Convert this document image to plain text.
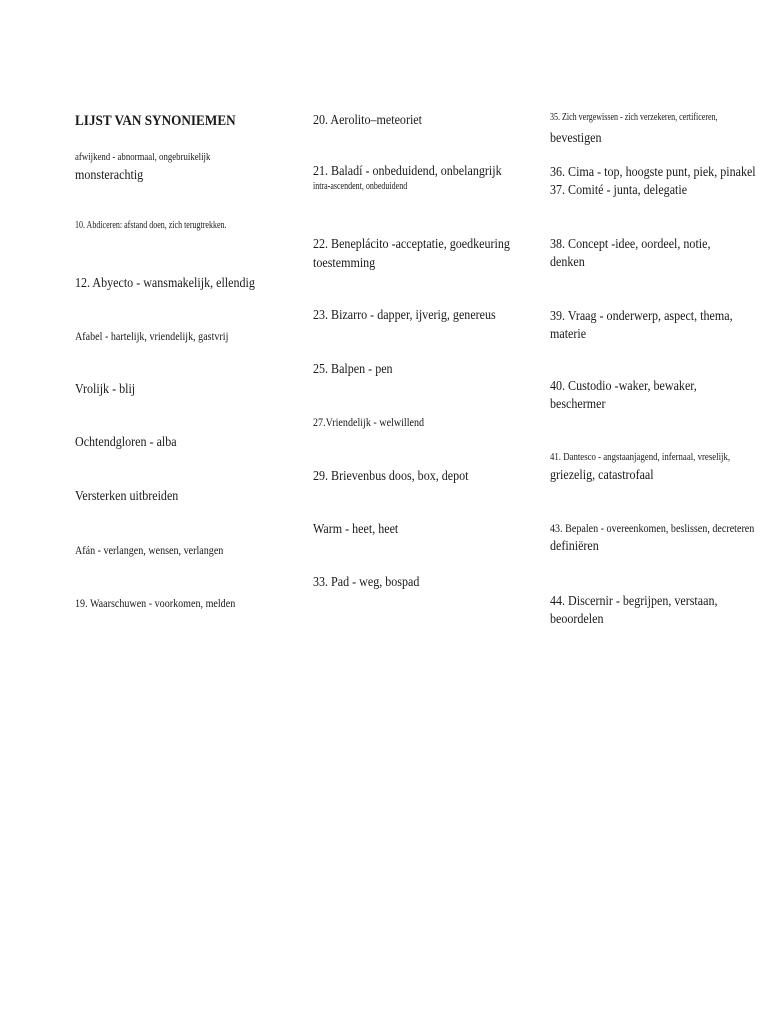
LIJST VAN SYNONIEMEN
afwijkend - abnormaal, ongebruikelijk
monsterachtig
10. Abdiceren: afstand doen, zich terugtrekken.
12. Abyecto - wansmakelijk, ellendig
Afabel - hartelijk, vriendelijk, gastvrij
Vrolijk - blij
Ochtendgloren - alba
Versterken uitbreiden
Afán - verlangen, wensen, verlangen
19. Waarschuwen - voorkomen, melden
20. Aerolito–meteoriet
21. Baladí - onbeduidend, onbelangrijk
intra-ascendent, onbeduidend
22. Beneplácito -acceptatie, goedkeuring
toestemming
23. Bizarro - dapper, ijverig, genereus
25. Balpen - pen
27.Vriendelijk - welwillend
29. Brievenbus doos, box, depot
Warm - heet, heet
33. Pad - weg, bospad
35. Zich vergewissen - zich verzekeren, certificeren,
bevestigen
36. Cima - top, hoogste punt, piek, pinakel
37. Comité - junta, delegatie
38. Concept -idee, oordeel, notie,
denken
39. Vraag - onderwerp, aspect, thema,
materie
40. Custodio -waker, bewaker,
beschermer
41. Dantesco - angstaanjagend, infernaal, vreselijk,
griezelig, catastrofaal
43. Bepalen - overeenkomen, beslissen, decreteren
definiëren
44. Discernir - begrijpen, verstaan,
beoordelen
